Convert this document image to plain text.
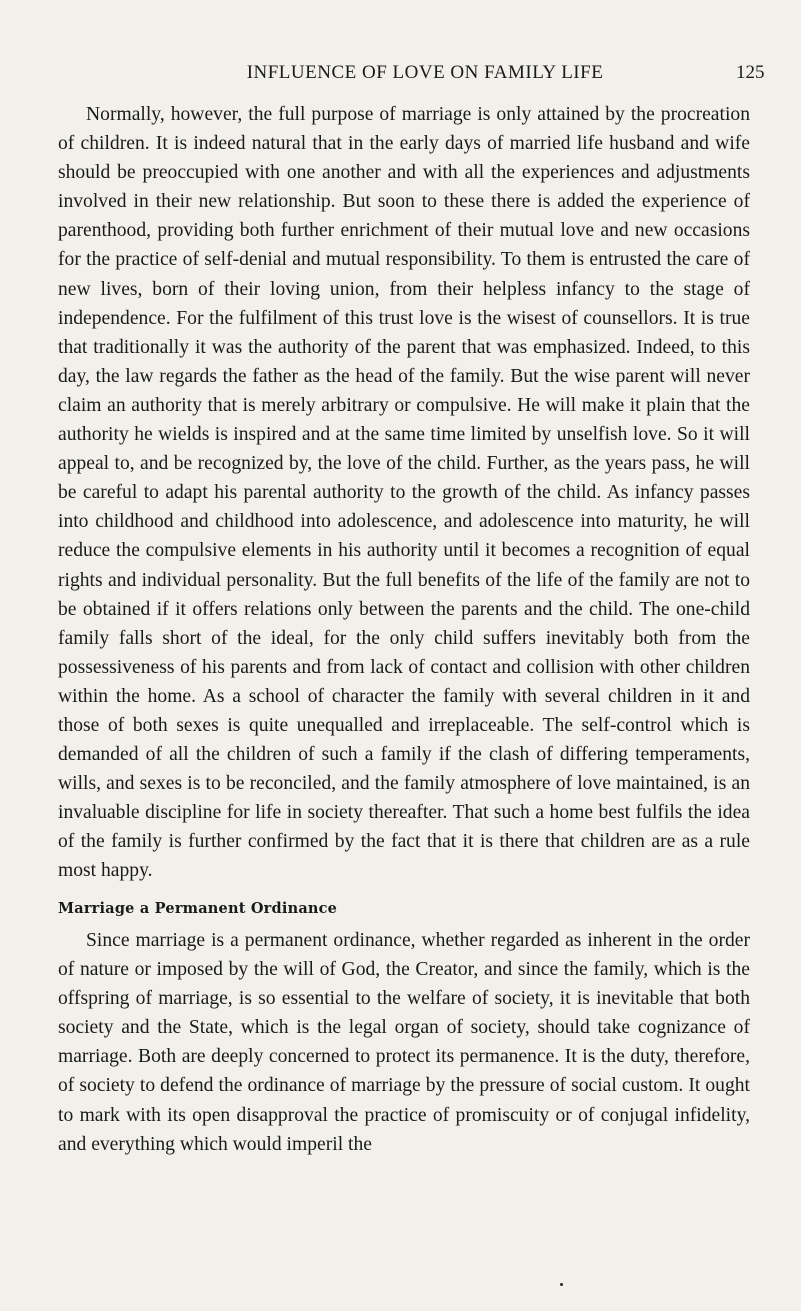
INFLUENCE OF LOVE ON FAMILY LIFE	125

Normally, however, the full purpose of marriage is only attained by the procreation of children. It is indeed natural that in the early days of married life husband and wife should be preoccupied with one another and with all the experiences and adjustments involved in their new relationship. But soon to these there is added the experience of parenthood, providing both further enrichment of their mutual love and new occasions for the practice of self-denial and mutual responsibility. To them is entrusted the care of new lives, born of their loving union, from their helpless infancy to the stage of independence. For the fulfilment of this trust love is the wisest of counsellors. It is true that traditionally it was the authority of the parent that was emphasized. Indeed, to this day, the law regards the father as the head of the family. But the wise parent will never claim an authority that is merely arbitrary or compulsive. He will make it plain that the authority he wields is inspired and at the same time limited by unselfish love. So it will appeal to, and be recognized by, the love of the child. Further, as the years pass, he will be careful to adapt his parental authority to the growth of the child. As infancy passes into childhood and childhood into adolescence, and adolescence into maturity, he will reduce the compulsive elements in his authority until it becomes a recognition of equal rights and individual personality. But the full benefits of the life of the family are not to be obtained if it offers relations only between the parents and the child. The one-child family falls short of the ideal, for the only child suffers inevitably both from the possessiveness of his parents and from lack of contact and collision with other children within the home. As a school of character the family with several children in it and those of both sexes is quite unequalled and irreplaceable. The self-control which is demanded of all the children of such a family if the clash of differing temperaments, wills, and sexes is to be reconciled, and the family atmosphere of love maintained, is an invaluable discipline for life in society thereafter. That such a home best fulfils the idea of the family is further confirmed by the fact that it is there that children are as a rule most happy.

Marriage a Permanent Ordinance

Since marriage is a permanent ordinance, whether regarded as inherent in the order of nature or imposed by the will of God, the Creator, and since the family, which is the offspring of marriage, is so essential to the welfare of society, it is inevitable that both society and the State, which is the legal organ of society, should take cognizance of marriage. Both are deeply concerned to protect its permanence. It is the duty, therefore, of society to defend the ordinance of marriage by the pressure of social custom. It ought to mark with its open disapproval the practice of promiscuity or of conjugal infidelity, and everything which would imperil the
